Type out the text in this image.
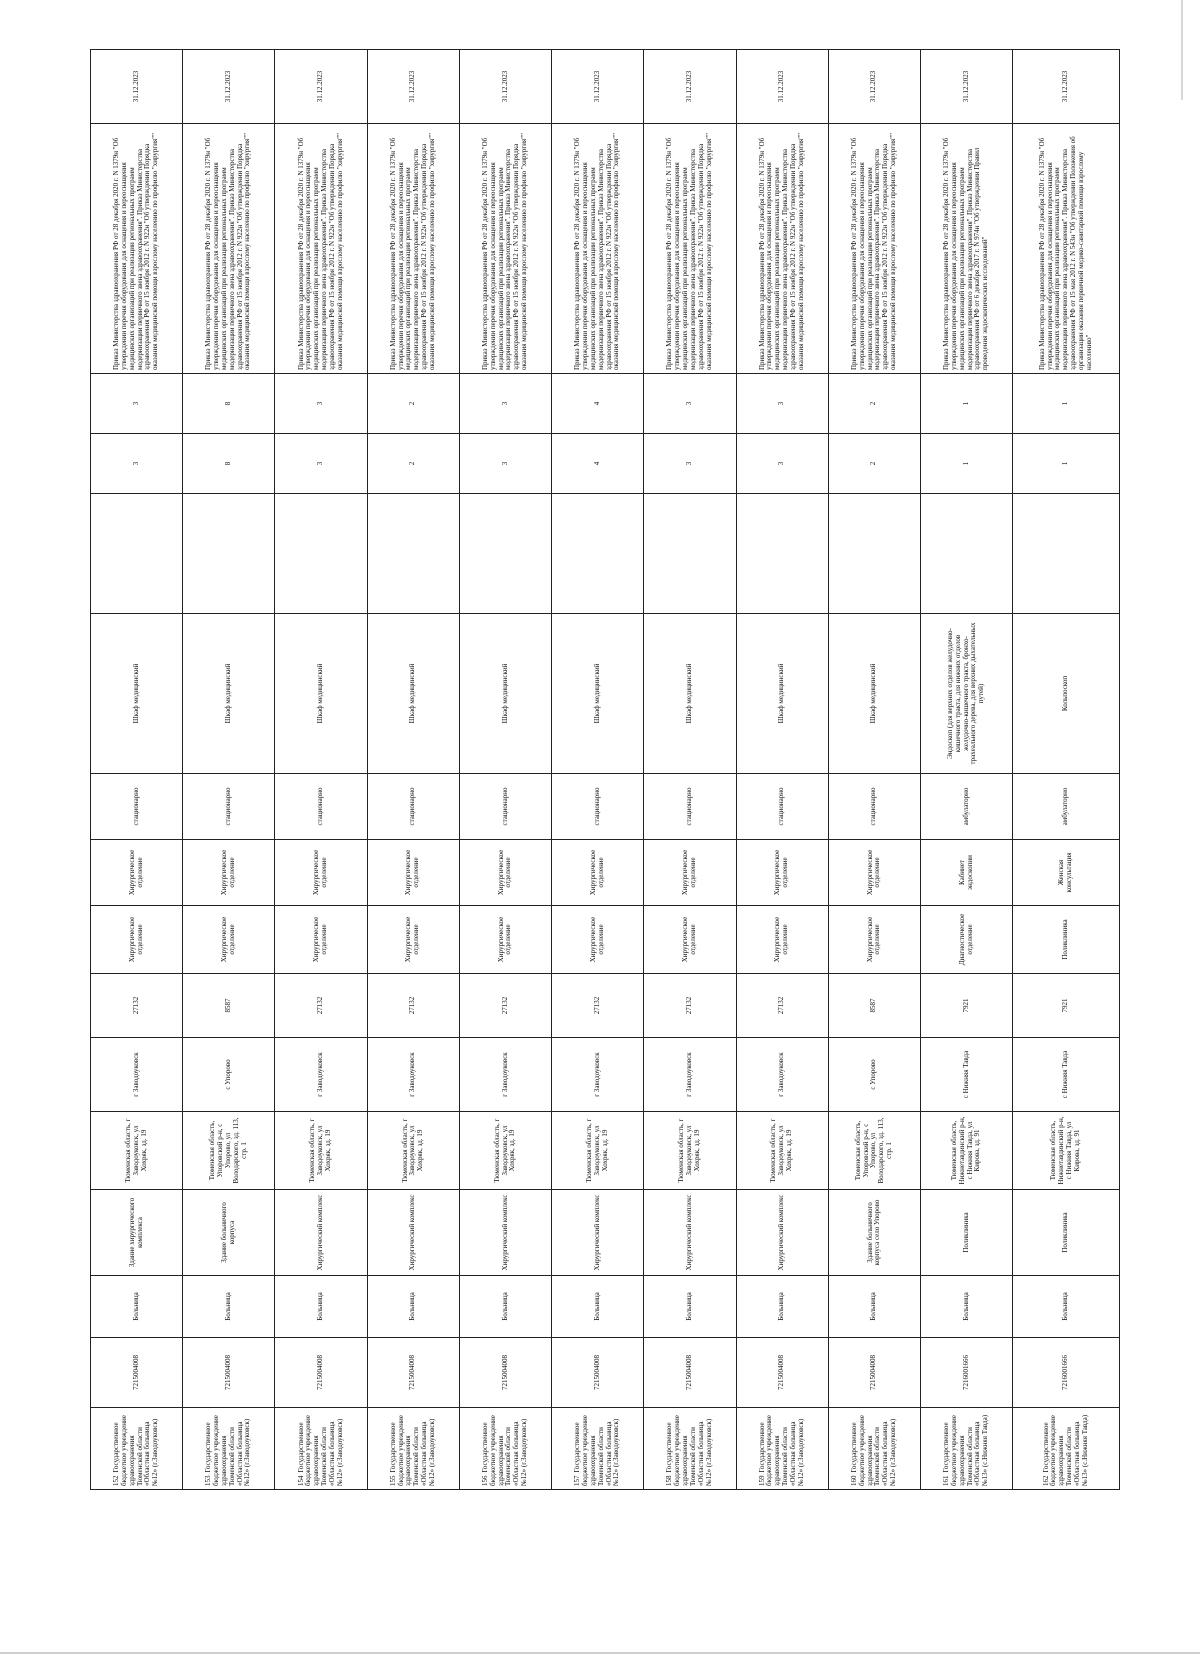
152Государственное бюджетное учреждение здравоохранения Тюменской области «Областная больница №12» (г.Заводоуковск)	7215004008	Больница	Здание хирургического комплекса	Тюменская область, г Заводоуковск, ул Хохряк, зд. 19	г Заводоуковск	27132	Хирургическое отделение	Хирургическое отделение	стационарно	Шкаф медицинский		3	3	Приказ Министерства здравоохранения РФ от 28 декабря 2020 г. N 1379н "Об утверждении перечня оборудования для оснащения и переоснащения медицинских организаций при реализации региональных программ модернизации первичного звена здравоохранения". Приказ Министерства здравоохранения РФ от 15 ноября 2012 г. N 922н "Об утверждении Порядка оказания медицинской помощи взрослому населению по профилю "хирургия""	31.12.2023
153Государственное бюджетное учреждение здравоохранения Тюменской области «Областная больница №12» (г.Заводоуковск)	7215004008	Больница	Здание больничного корпуса	Тюменская область, Упоровский р-н, с Упорово, ул Володарского, зд. 113, стр. 1	с Упорово	8587	Хирургическое отделение	Хирургическое отделение	стационарно	Шкаф медицинский		8	8	Приказ Министерства здравоохранения РФ от 28 декабря 2020 г. N 1379н "Об утверждении перечня оборудования для оснащения и переоснащения медицинских организаций при реализации региональных программ модернизации первичного звена здравоохранения". Приказ Министерства здравоохранения РФ от 15 ноября 2012 г. N 922н "Об утверждении Порядка оказания медицинской помощи взрослому населению по профилю "хирургия""	31.12.2023
154Государственное бюджетное учреждение здравоохранения Тюменской области «Областная больница №12» (г.Заводоуковск)	7215004008	Больница	Хирургический комплекс	Тюменская область, г Заводоуковск, ул Хохряк, зд. 19	г Заводоуковск	27132	Хирургическое отделение	Хирургическое отделение	стационарно	Шкаф медицинский		3	3	Приказ Министерства здравоохранения РФ от 28 декабря 2020 г. N 1379н "Об утверждении перечня оборудования для оснащения и переоснащения медицинских организаций при реализации региональных программ модернизации первичного звена здравоохранения". Приказ Министерства здравоохранения РФ от 15 ноября 2012 г. N 922н "Об утверждении Порядка оказания медицинской помощи взрослому населению по профилю "хирургия""	31.12.2023
155Государственное бюджетное учреждение здравоохранения Тюменской области «Областная больница №12» (г.Заводоуковск)	7215004008	Больница	Хирургический комплекс	Тюменская область, г Заводоуковск, ул Хохряк, зд. 19	г Заводоуковск	27132	Хирургическое отделение	Хирургическое отделение	стационарно	Шкаф медицинский		2	2	Приказ Министерства здравоохранения РФ от 28 декабря 2020 г. N 1379н "Об утверждении перечня оборудования для оснащения и переоснащения медицинских организаций при реализации региональных программ модернизации первичного звена здравоохранения". Приказ Министерства здравоохранения РФ от 15 ноября 2012 г. N 922н "Об утверждении Порядка оказания медицинской помощи взрослому населению по профилю "хирургия""	31.12.2023
156Государственное бюджетное учреждение здравоохранения Тюменской области «Областная больница №12» (г.Заводоуковск)	7215004008	Больница	Хирургический комплекс	Тюменская область, г Заводоуковск, ул Хохряк, зд. 19	г Заводоуковск	27132	Хирургическое отделение	Хирургическое отделение	стационарно	Шкаф медицинский		3	3	Приказ Министерства здравоохранения РФ от 28 декабря 2020 г. N 1379н "Об утверждении перечня оборудования для оснащения и переоснащения медицинских организаций при реализации региональных программ модернизации первичного звена здравоохранения". Приказ Министерства здравоохранения РФ от 15 ноября 2012 г. N 922н "Об утверждении Порядка оказания медицинской помощи взрослому населению по профилю "хирургия""	31.12.2023
157Государственное бюджетное учреждение здравоохранения Тюменской области «Областная больница №12» (г.Заводоуковск)	7215004008	Больница	Хирургический комплекс	Тюменская область, г Заводоуковск, ул Хохряк, зд. 19	г Заводоуковск	27132	Хирургическое отделение	Хирургическое отделение	стационарно	Шкаф медицинский		4	4	Приказ Министерства здравоохранения РФ от 28 декабря 2020 г. N 1379н "Об утверждении перечня оборудования для оснащения и переоснащения медицинских организаций при реализации региональных программ модернизации первичного звена здравоохранения". Приказ Министерства здравоохранения РФ от 15 ноября 2012 г. N 922н "Об утверждении Порядка оказания медицинской помощи взрослому населению по профилю "хирургия""	31.12.2023
158Государственное бюджетное учреждение здравоохранения Тюменской области «Областная больница №12» (г.Заводоуковск)	7215004008	Больница	Хирургический комплекс	Тюменская область, г Заводоуковск, ул Хохряк, зд. 19	г Заводоуковск	27132	Хирургическое отделение	Хирургическое отделение	стационарно	Шкаф медицинский		3	3	Приказ Министерства здравоохранения РФ от 28 декабря 2020 г. N 1379н "Об утверждении перечня оборудования для оснащения и переоснащения медицинских организаций при реализации региональных программ модернизации первичного звена здравоохранения". Приказ Министерства здравоохранения РФ от 15 ноября 2012 г. N 922н "Об утверждении Порядка оказания медицинской помощи взрослому населению по профилю "хирургия""	31.12.2023
159Государственное бюджетное учреждение здравоохранения Тюменской области «Областная больница №12» (г.Заводоуковск)	7215004008	Больница	Хирургический комплекс	Тюменская область, г Заводоуковск, ул Хохряк, зд. 19	г Заводоуковск	27132	Хирургическое отделение	Хирургическое отделение	стационарно	Шкаф медицинский		3	3	Приказ Министерства здравоохранения РФ от 28 декабря 2020 г. N 1379н "Об утверждении перечня оборудования для оснащения и переоснащения медицинских организаций при реализации региональных программ модернизации первичного звена здравоохранения". Приказ Министерства здравоохранения РФ от 15 ноября 2012 г. N 922н "Об утверждении Порядка оказания медицинской помощи взрослому населению по профилю "хирургия""	31.12.2023
160Государственное бюджетное учреждение здравоохранения Тюменской области «Областная больница №12» (г.Заводоуковск)	7215004008	Больница	Здание больничного корпуса село Упорово	Тюменская область, Упоровский р-н, с Упорово, ул Володарского, зд. 113, стр. 1	с Упорово	8587	Хирургическое отделение	Хирургическое отделение	стационарно	Шкаф медицинский		2	2	Приказ Министерства здравоохранения РФ от 28 декабря 2020 г. N 1379н "Об утверждении перечня оборудования для оснащения и переоснащения медицинских организаций при реализации региональных программ модернизации первичного звена здравоохранения". Приказ Министерства здравоохранения РФ от 15 ноября 2012 г. N 922н "Об утверждении Порядка оказания медицинской помощи взрослому населению по профилю "хирургия""	31.12.2023
161Государственное бюджетное учреждение здравоохранения Тюменской области «Областная больница №13» (с.Нижняя Тавда)	7216001666	Больница	Поликлиника	Тюменская область, Нижнетавдинский р-н, с Нижняя Тавда, ул Кирова, зд. 91	с Нижняя Тавда	7921	Диагностическое отделение	Кабинет эндоскопии	амбулаторно	Эндоскоп (для верхних отделов желудочно-кишечного тракта, для нижних отделов желудочно-кишечного тракта, бронхо-трахеального дерева, для верхних дыхательных путей)		1	1	Приказ Министерства здравоохранения РФ от 28 декабря 2020 г. N 1379н "Об утверждении перечня оборудования для оснащения и переоснащения медицинских организаций при реализации региональных программ модернизации первичного звена здравоохранения". Приказ Министерства здравоохранения РФ от 6 декабря 2017 г. N 974н "Об утверждении Правил проведения эндоскопических исследований"	31.12.2023
162Государственное бюджетное учреждение здравоохранения Тюменской области «Областная больница №13» (с.Нижняя Тавда)	7216001666	Больница	Поликлиника	Тюменская область, Нижнетавдинский р-н, с Нижняя Тавда, ул Кирова, зд. 91	с Нижняя Тавда	7921	Поликлиника	Женская консультация	амбулаторно	Кольпоскоп		1	1	Приказ Министерства здравоохранения РФ от 28 декабря 2020 г. N 1379н "Об утверждении перечня оборудования для оснащения и переоснащения медицинских организаций при реализации региональных программ модернизации первичного звена здравоохранения". Приказ Министерства здравоохранения РФ от 15 мая 2012 г. N 543н "Об утверждении Положения об организации оказания первичной медико-санитарной помощи взрослому населению"	31.12.2023
